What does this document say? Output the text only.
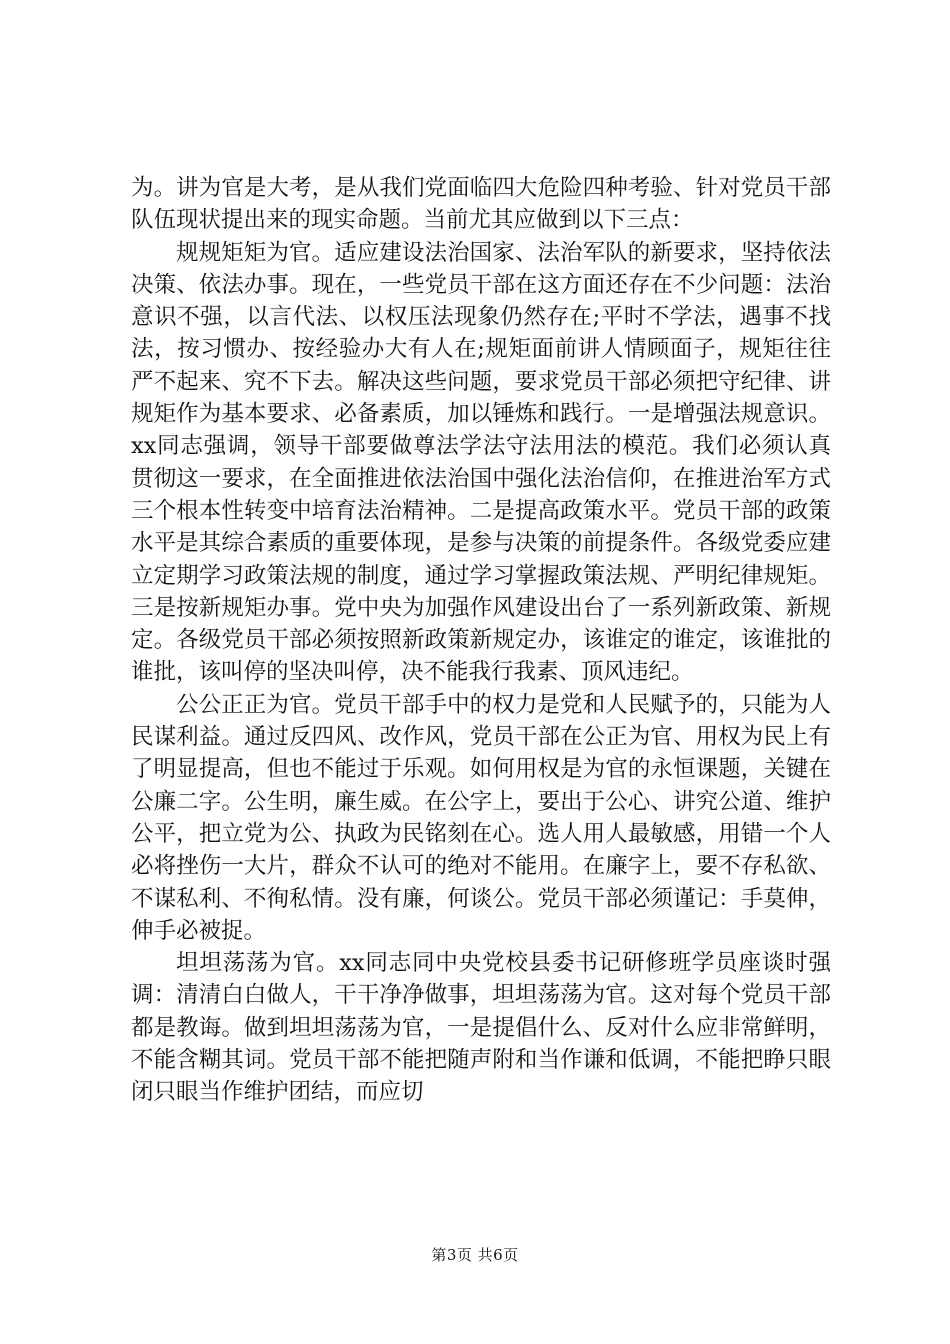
为。讲为官是大考，是从我们党面临四大危险四种考验、针对党员干部队伍现状提出来的现实命题。当前尤其应做到以下三点：

规规矩矩为官。适应建设法治国家、法治军队的新要求，坚持依法决策、依法办事。现在，一些党员干部在这方面还存在不少问题：法治意识不强，以言代法、以权压法现象仍然存在;平时不学法，遇事不找法，按习惯办、按经验办大有人在;规矩面前讲人情顾面子，规矩往往严不起来、究不下去。解决这些问题，要求党员干部必须把守纪律、讲规矩作为基本要求、必备素质，加以锤炼和践行。一是增强法规意识。xx同志强调，领导干部要做尊法学法守法用法的模范。我们必须认真贯彻这一要求，在全面推进依法治国中强化法治信仰，在推进治军方式三个根本性转变中培育法治精神。二是提高政策水平。党员干部的政策水平是其综合素质的重要体现，是参与决策的前提条件。各级党委应建立定期学习政策法规的制度，通过学习掌握政策法规、严明纪律规矩。三是按新规矩办事。党中央为加强作风建设出台了一系列新政策、新规定。各级党员干部必须按照新政策新规定办，该谁定的谁定，该谁批的谁批，该叫停的坚决叫停，决不能我行我素、顶风违纪。

公公正正为官。党员干部手中的权力是党和人民赋予的，只能为人民谋利益。通过反四风、改作风，党员干部在公正为官、用权为民上有了明显提高，但也不能过于乐观。如何用权是为官的永恒课题，关键在公廉二字。公生明，廉生威。在公字上，要出于公心、讲究公道、维护公平，把立党为公、执政为民铭刻在心。选人用人最敏感，用错一个人必将挫伤一大片，群众不认可的绝对不能用。在廉字上，要不存私欲、不谋私利、不徇私情。没有廉，何谈公。党员干部必须谨记：手莫伸，伸手必被捉。

坦坦荡荡为官。xx同志同中央党校县委书记研修班学员座谈时强调：清清白白做人，干干净净做事，坦坦荡荡为官。这对每个党员干部都是教诲。做到坦坦荡荡为官，一是提倡什么、反对什么应非常鲜明，不能含糊其词。党员干部不能把随声附和当作谦和低调，不能把睁只眼闭只眼当作维护团结，而应切

第3页 共6页
